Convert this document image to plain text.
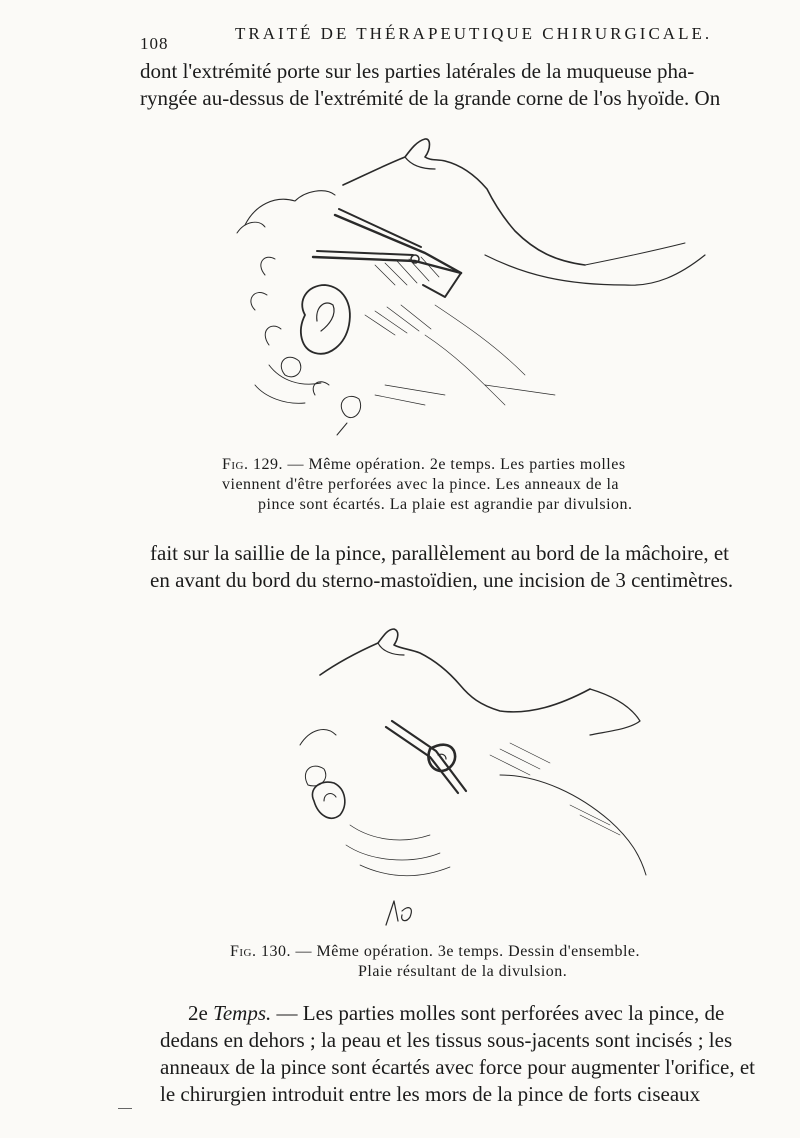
108
TRAITÉ DE THÉRAPEUTIQUE CHIRURGICALE.

dont l'extrémité porte sur les parties latérales de la muqueuse pha-
ryngée au-dessus de l'extrémité de la grande corne de l'os hyoïde. On

Fig. 129. — Même opération. 2e temps. Les parties molles
viennent d'être perforées avec la pince. Les anneaux de la
pince sont écartés. La plaie est agrandie par divulsion.

fait sur la saillie de la pince, parallèlement au bord de la mâchoire, et
en avant du bord du sterno-mastoïdien, une incision de 3 centimètres.

Fig. 130. — Même opération. 3e temps. Dessin d'ensemble.
Plaie résultant de la divulsion.

2e Temps. — Les parties molles sont perforées avec la pince, de
dedans en dehors ; la peau et les tissus sous-jacents sont incisés ; les
anneaux de la pince sont écartés avec force pour augmenter l'orifice, et
le chirurgien introduit entre les mors de la pince de forts ciseaux
